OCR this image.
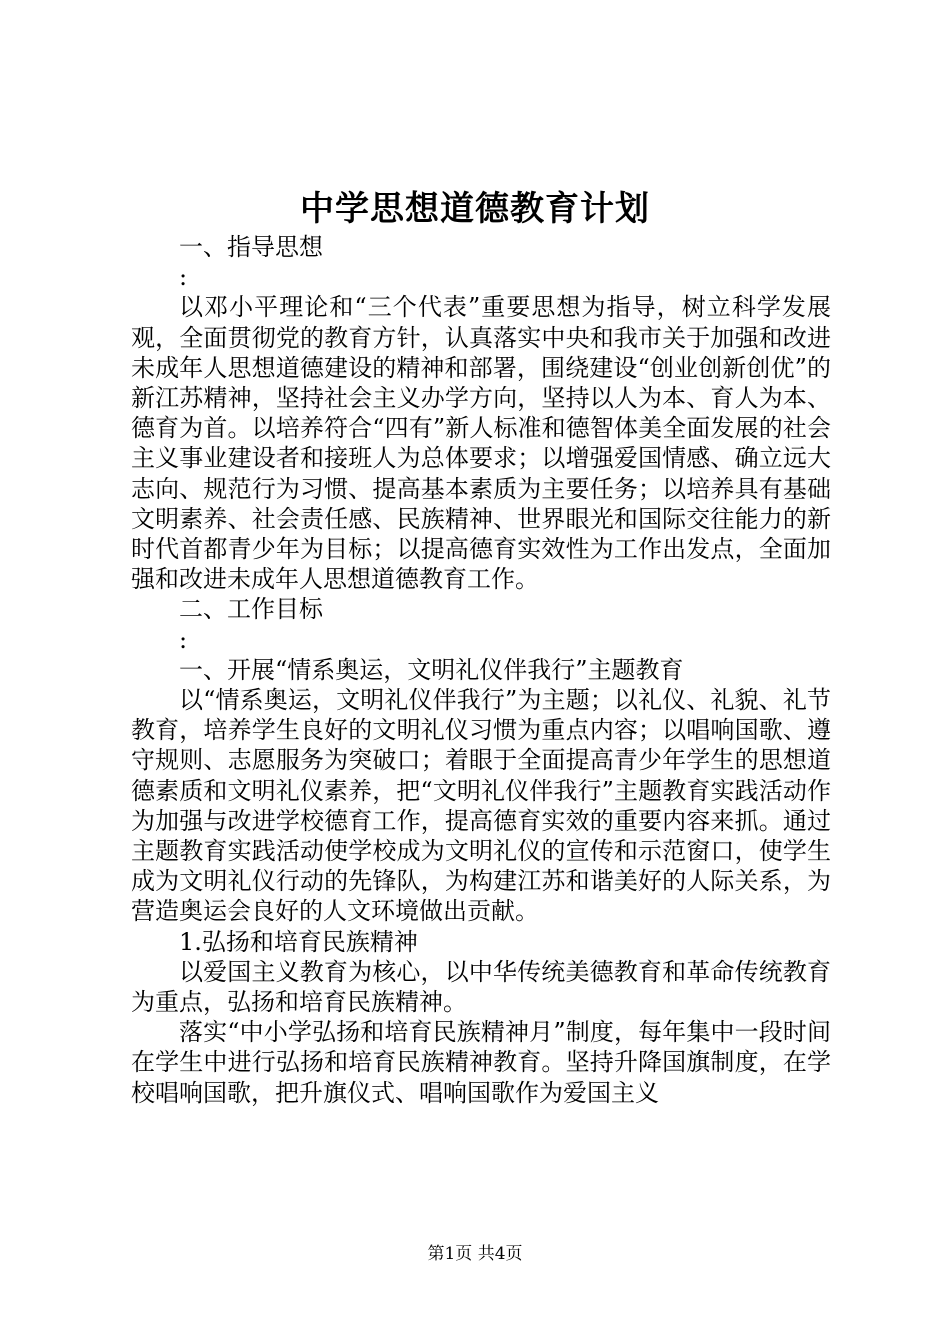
中学思想道德教育计划

一、指导思想

:

以邓小平理论和“三个代表”重要思想为指导，树立科学发展观，全面贯彻党的教育方针，认真落实中央和我市关于加强和改进未成年人思想道德建设的精神和部署，围绕建设“创业创新创优”的新江苏精神，坚持社会主义办学方向，坚持以人为本、育人为本、德育为首。以培养符合“四有”新人标准和德智体美全面发展的社会主义事业建设者和接班人为总体要求；以增强爱国情感、确立远大志向、规范行为习惯、提高基本素质为主要任务；以培养具有基础文明素养、社会责任感、民族精神、世界眼光和国际交往能力的新时代首都青少年为目标；以提高德育实效性为工作出发点，全面加强和改进未成年人思想道德教育工作。

二、工作目标

:

一、开展“情系奥运，文明礼仪伴我行”主题教育

以“情系奥运，文明礼仪伴我行”为主题；以礼仪、礼貌、礼节教育，培养学生良好的文明礼仪习惯为重点内容；以唱响国歌、遵守规则、志愿服务为突破口；着眼于全面提高青少年学生的思想道德素质和文明礼仪素养，把“文明礼仪伴我行”主题教育实践活动作为加强与改进学校德育工作，提高德育实效的重要内容来抓。通过主题教育实践活动使学校成为文明礼仪的宣传和示范窗口，使学生成为文明礼仪行动的先锋队，为构建江苏和谐美好的人际关系，为营造奥运会良好的人文环境做出贡献。

1.弘扬和培育民族精神

以爱国主义教育为核心，以中华传统美德教育和革命传统教育为重点，弘扬和培育民族精神。

落实“中小学弘扬和培育民族精神月”制度，每年集中一段时间在学生中进行弘扬和培育民族精神教育。坚持升降国旗制度，在学校唱响国歌，把升旗仪式、唱响国歌作为爱国主义

第1页 共4页
